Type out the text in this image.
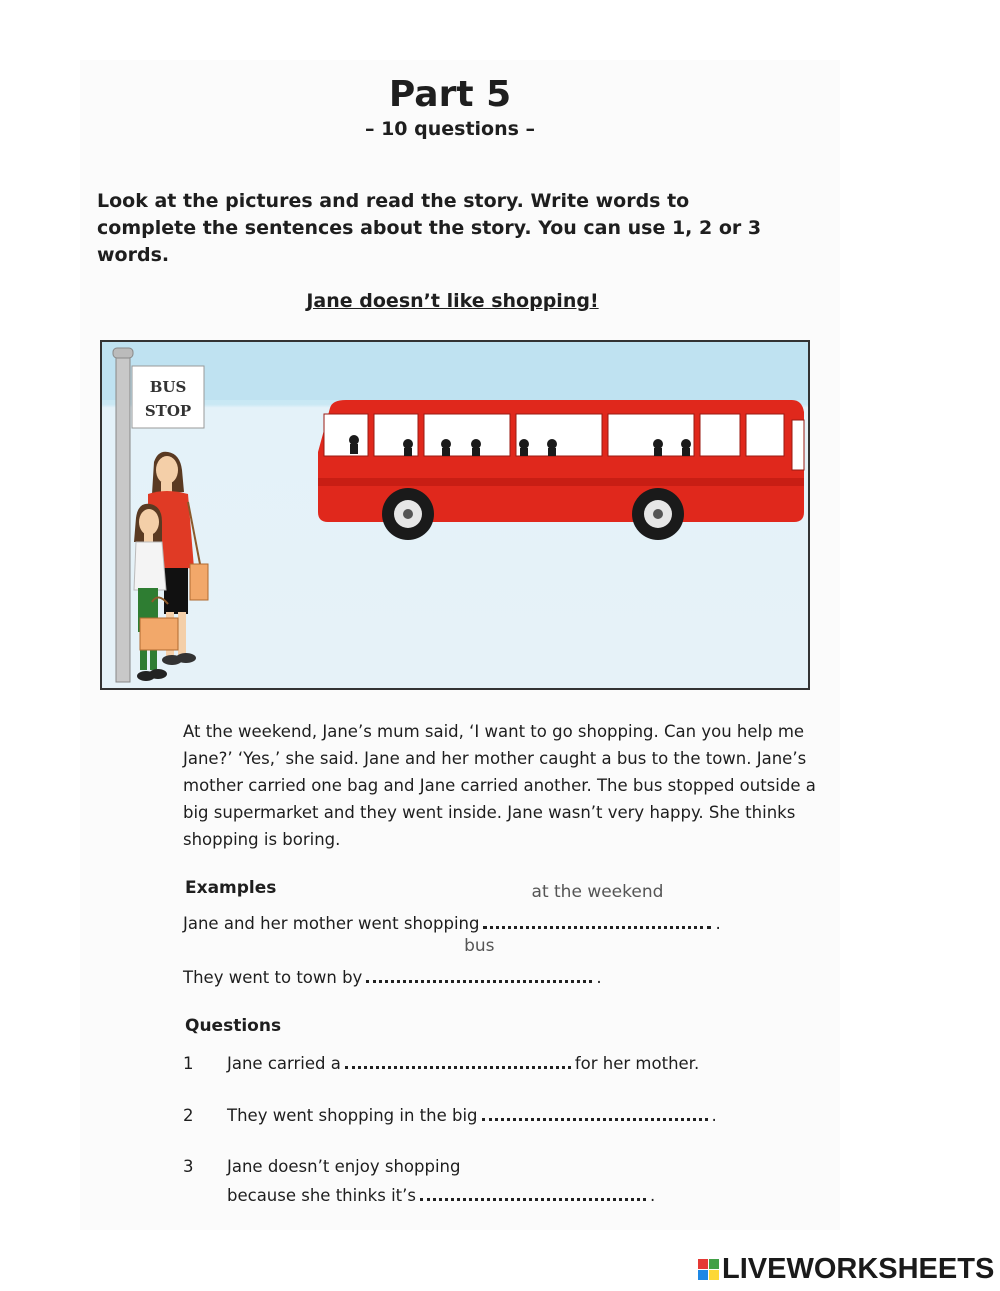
Part 5
– 10 questions –
Look at the pictures and read the story. Write words to complete the sentences about the story. You can use 1, 2 or 3 words.
Jane doesn’t like shopping!
BUS
STOP
At the weekend, Jane’s mum said, ‘I want to go shopping. Can you help me Jane?’ ‘Yes,’ she said. Jane and her mother caught a bus to the town. Jane’s mother carried one bag and Jane carried another. The bus stopped outside a big supermarket and they went inside. Jane wasn’t very happy. She thinks shopping is boring.
Examples
Jane and her mother went shopping
at the weekend
.
They went to town by
bus
.
Questions
1 Jane carried a	for her mother.
2 They went shopping in the big	.
3 Jane doesn’t enjoy shopping
because she thinks it’s	.
LIVEWORKSHEETS
